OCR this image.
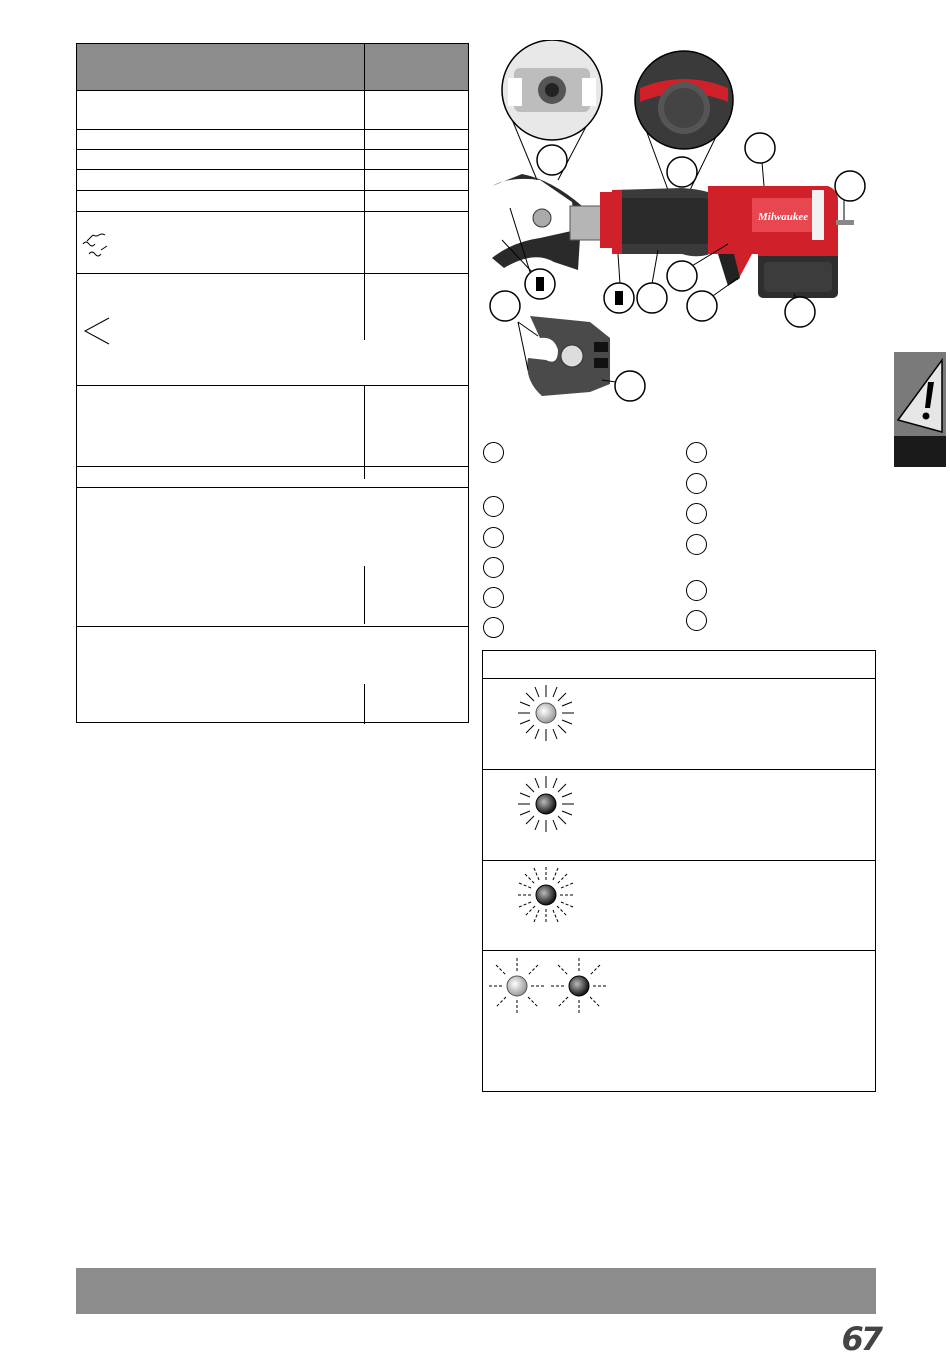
Milwaukee
67
